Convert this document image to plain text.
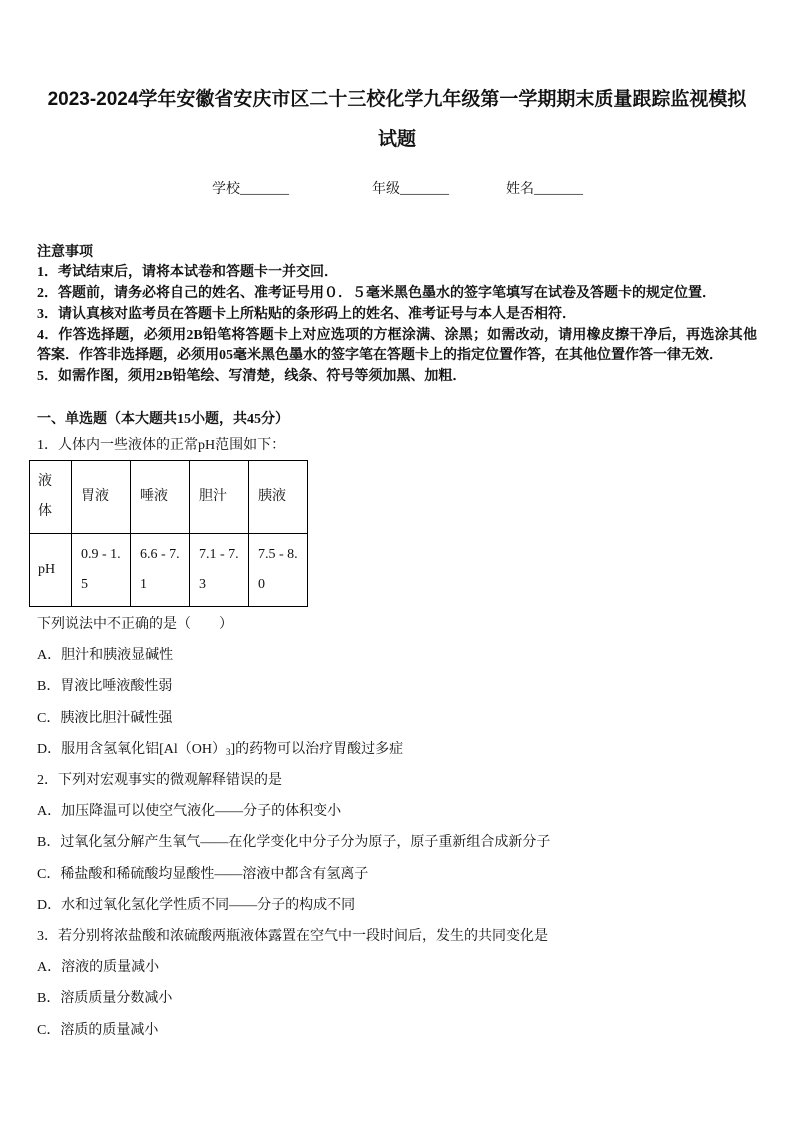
2023-2024学年安徽省安庆市区二十三校化学九年级第一学期期末质量跟踪监视模拟
试题
学校_______	年级_______	姓名_______
注意事项
1．考试结束后，请将本试卷和答题卡一并交回．
2．答题前，请务必将自己的姓名、准考证号用０．５毫米黑色墨水的签字笔填写在试卷及答题卡的规定位置．
3．请认真核对监考员在答题卡上所粘贴的条形码上的姓名、准考证号与本人是否相符．
4．作答选择题，必须用2B铅笔将答题卡上对应选项的方框涂满、涂黑；如需改动，请用橡皮擦干净后，再选涂其他
答案．作答非选择题，必须用05毫米黑色墨水的签字笔在答题卡上的指定位置作答，在其他位置作答一律无效．
5．如需作图，须用2B铅笔绘、写清楚，线条、符号等须加黑、加粗．
一、单选题（本大题共15小题，共45分）
1．人体内一些液体的正常pH范围如下：
液体	胃液	唾液	胆汁	胰液
pH	0.9 - 1.5	6.6 - 7.1	7.1 - 7.3	7.5 - 8.0
下列说法中不正确的是（　　）
A．胆汁和胰液显碱性
B．胃液比唾液酸性弱
C．胰液比胆汁碱性强
D．服用含氢氧化铝$[Al(OH)_3]$的药物可以治疗胃酸过多症
2．下列对宏观事实的微观解释错误的是
A．加压降温可以使空气液化——分子的体积变小
B．过氧化氢分解产生氧气——在化学变化中分子分为原子，原子重新组合成新分子
C．稀盐酸和稀硫酸均显酸性——溶液中都含有氢离子
D．水和过氧化氢化学性质不同——分子的构成不同
3．若分别将浓盐酸和浓硫酸两瓶液体露置在空气中一段时间后，发生的共同变化是
A．溶液的质量减小
B．溶质质量分数减小
C．溶质的质量减小
